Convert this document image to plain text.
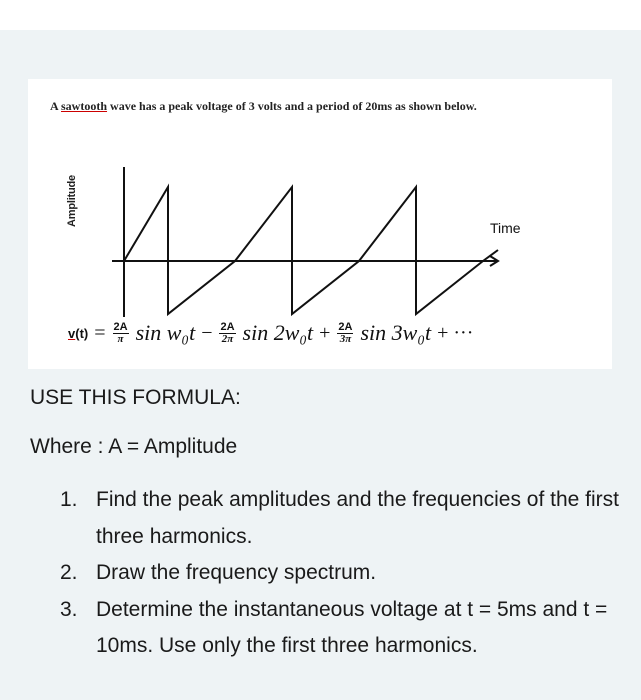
A sawtooth wave has a peak voltage of 3 volts and a period of 20ms as shown below.
Amplitude
Time
$v(t) = \frac{2A}{\pi}$ $\sin w_0t - \frac{2A}{2\pi}$ $\sin 2w_0t + \frac{2A}{3\pi}$ sin 3w₀t + ···
USE THIS FORMULA:
Where : A = Amplitude
1. Find the peak amplitudes and the frequencies of the first three harmonics.
2. Draw the frequency spectrum.
3. Determine the instantaneous voltage at t = 5ms and t = 10ms. Use only the first three harmonics.
